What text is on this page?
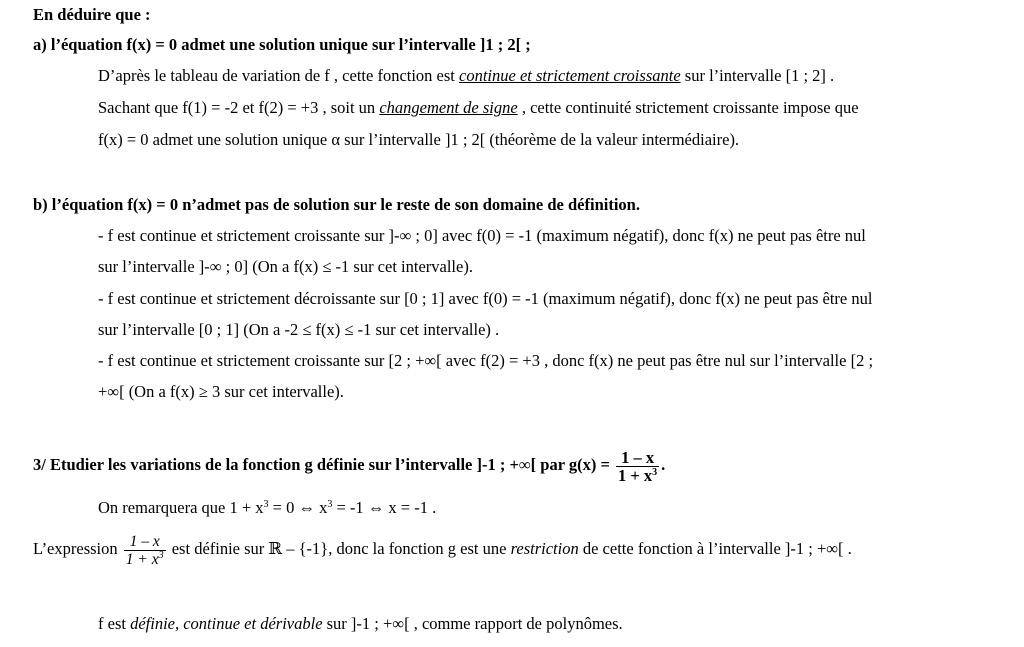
En déduire que :
a) l’équation f(x) = 0 admet une solution unique sur l’intervalle ]1 ; 2[ ;
D’après le tableau de variation de f , cette fonction est continue et strictement croissante sur l’intervalle [1 ; 2] .
Sachant que f(1) = -2 et f(2) = +3 , soit un changement de signe , cette continuité strictement croissante impose que
f(x) = 0 admet une solution unique α sur l’intervalle ]1 ; 2[ (théorème de la valeur intermédiaire).
b) l’équation f(x) = 0 n’admet pas de solution sur le reste de son domaine de définition.
- f est continue et strictement croissante sur ]-∞ ; 0] avec f(0) = -1 (maximum négatif), donc f(x) ne peut pas être nul
sur l’intervalle ]-∞ ; 0] (On a f(x) ≤ -1 sur cet intervalle).
- f est continue et strictement décroissante sur [0 ; 1] avec f(0) = -1 (maximum négatif), donc f(x) ne peut pas être nul
sur l’intervalle [0 ; 1] (On a -2 ≤ f(x) ≤ -1 sur cet intervalle) .
- f est continue et strictement croissante sur [2 ; +∞[ avec f(2) = +3 , donc f(x) ne peut pas être nul sur l’intervalle [2 ;
+∞[ (On a f(x) ≥ 3 sur cet intervalle).
3/ Etudier les variations de la fonction g définie sur l’intervalle ]-1 ; +∞[ par $g(x) = \frac{1 - x}{1 + x^3}$ .
On remarquera que $1 + x^3 = 0$ ⇔ $x^3 = -1$ ⇔ x = -1 .
L’expression $\frac{1 - x}{1 + x^3}$ est définie sur ℝ – {-1}, donc la fonction g est une restriction de cette fonction à l’intervalle ]-1 ; +∞[ .
f est définie, continue et dérivable sur ]-1 ; +∞[ , comme rapport de polynômes.
